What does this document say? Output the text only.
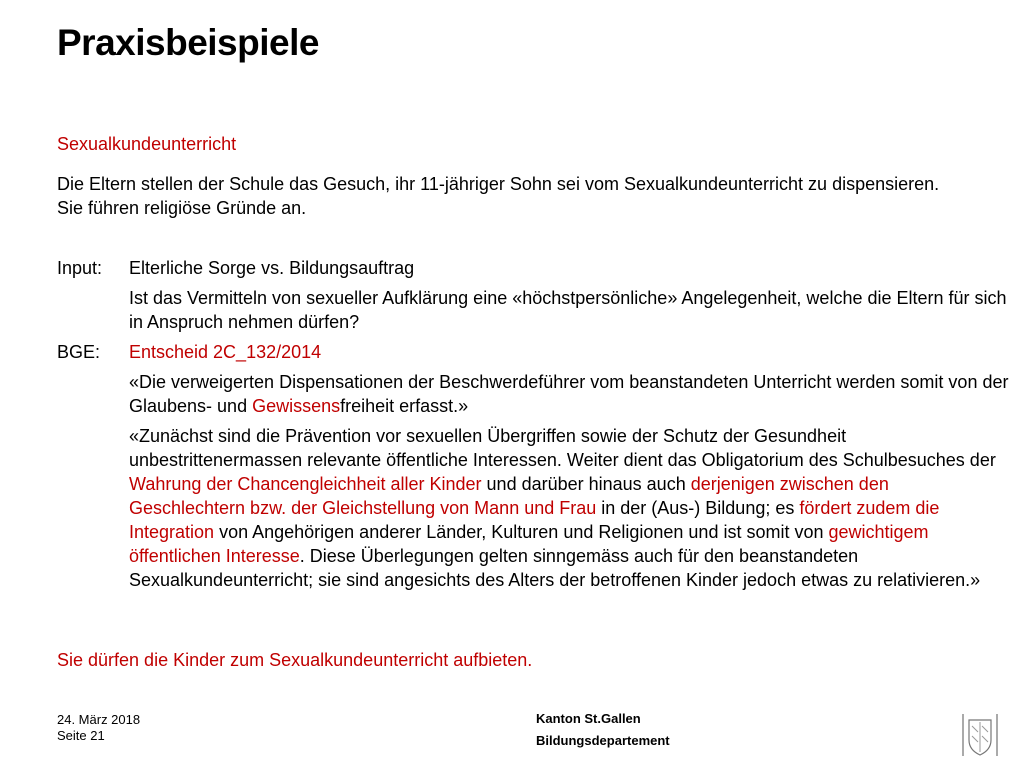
Praxisbeispiele
Sexualkundeunterricht

Die Eltern stellen der Schule das Gesuch, ihr 11-jähriger Sohn sei vom Sexualkundeunterricht zu dispensieren. Sie führen religiöse Gründe an.

Input: Elterliche Sorge vs. Bildungsauftrag

Ist das Vermitteln von sexueller Aufklärung eine «höchstpersönliche» Angelegenheit, welche die Eltern für sich in Anspruch nehmen dürfen?

BGE: Entscheid 2C_132/2014

«Die verweigerten Dispensationen der Beschwerdeführer vom beanstandeten Unterricht werden somit von der Glaubens- und Gewissensfreiheit erfasst.»

«Zunächst sind die Prävention vor sexuellen Übergriffen sowie der Schutz der Gesundheit unbestrittenermassen relevante öffentliche Interessen. Weiter dient das Obligatorium des Schulbesuches der Wahrung der Chancengleichheit aller Kinder und darüber hinaus auch derjenigen zwischen den Geschlechtern bzw. der Gleichstellung von Mann und Frau in der (Aus-) Bildung; es fördert zudem die Integration von Angehörigen anderer Länder, Kulturen und Religionen und ist somit von gewichtigem öffentlichen Interesse. Diese Überlegungen gelten sinngemäss auch für den beanstandeten Sexualkundeunterricht; sie sind angesichts des Alters der betroffenen Kinder jedoch etwas zu relativieren.»

Sie dürfen die Kinder zum Sexualkundeunterricht aufbieten.
24. März 2018
Seite 21
Kanton St.Gallen
Bildungsdepartement
